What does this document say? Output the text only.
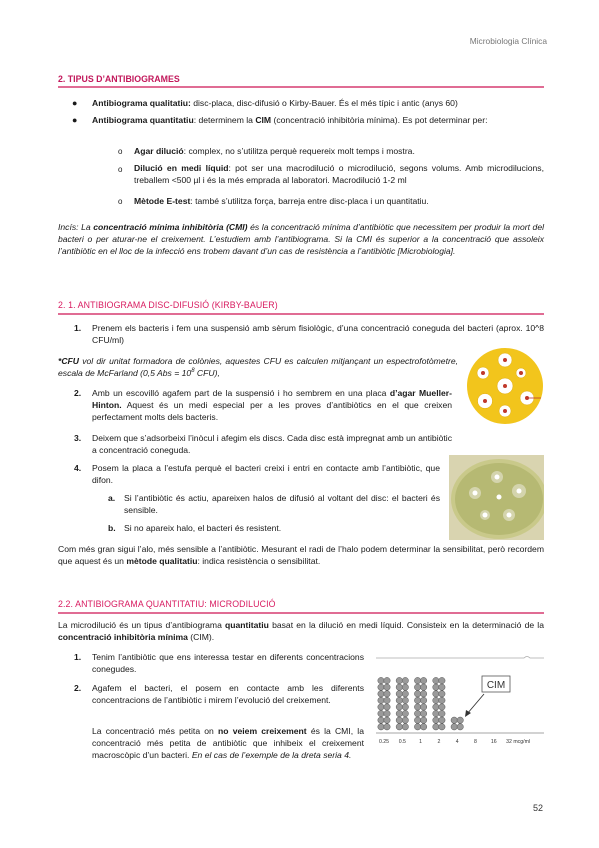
Microbiologia Clínica
2. TIPUS D’ANTIBIOGRAMES
● Antibiograma qualitatiu: disc-placa, disc-difusió o Kirby-Bauer. És el més típic i antic (anys 60)
● Antibiograma quantitatiu: determinem la CIM (concentració inhibitòria mínima). Es pot determinar per:
o Agar dilució: complex, no s’utilitza perquè requereix molt temps i mostra.
o Dilució en medi líquid: pot ser una macrodilució o microdilució, segons volums. Amb microdilucions, treballem <500 µl i és la més emprada al laboratori. Macrodilució 1-2 ml
o Mètode E-test: també s’utilitza força, barreja entre disc-placa i un quantitatiu.
Incís: La concentració mínima inhibitòria (CMI) és la concentració mínima d’antibiòtic que necessitem per produir la mort del bacteri o per aturar-ne el creixement. L’estudiem amb l’antibiograma. Si la CMI és superior a la concentració que assoleix l’antibiòtic en el lloc de la infecció ens trobem davant d’un cas de resistència a l’antibiòtic [Microbiologia].
2. 1. ANTIBIOGRAMA DISC-DIFUSIÓ (KIRBY-BAUER)
1. Prenem els bacteris i fem una suspensió amb sèrum fisiològic, d’una concentració coneguda del bacteri (aprox. 10^8 CFU/ml)
*CFU vol dir unitat formadora de colònies, aquestes CFU es calculen mitjançant un espectrofotòmetre, escala de McFarland (0,5 Abs = $10^8$ CFU),
2. Amb un escovilló agafem part de la suspensió i ho sembrem en una placa d’agar Mueller-Hinton. Aquest és un medi especial per a les proves d’antibiòtics en el que creixen perfectament molts dels bacteris.
3. Deixem que s’adsorbeixi l’inòcul i afegim els discs. Cada disc està impregnat amb un antibiòtic a concentració coneguda.
4. Posem la placa a l’estufa perquè el bacteri creixi i entri en contacte amb l’antibiòtic, que difon.
a. Si l’antibiòtic és actiu, apareixen halos de difusió al voltant del disc: el bacteri és sensible.
b. Si no apareix halo, el bacteri és resistent.
Com més gran sigui l’alo, més sensible a l’antibiòtic. Mesurant el radi de l’halo podem determinar la sensibilitat, però recordem que aquest és un mètode qualitatiu: indica resistència o sensibilitat.
2.2. ANTIBIOGRAMA QUANTITATIU: MICRODILUCIÓ
La microdilució és un tipus d’antibiograma quantitatiu basat en la dilució en medi líquid. Consisteix en la determinació de la concentració inhibitòria mínima (CIM).
1. Tenim l’antibiòtic que ens interessa testar en diferents concentracions conegudes.
2. Agafem el bacteri, el posem en contacte amb les diferents concentracions de l’antibiòtic i mirem l’evolució del creixement.
La concentració més petita on no veiem creixement és la CMI, la concentració més petita de antibiòtic que inhibeix el creixement macroscòpic d’un bacteri. En el cas de l’exemple de la dreta seria 4.
CIM
0.25 0.5	1	2	4	8	16 32 mcg/ml
52
